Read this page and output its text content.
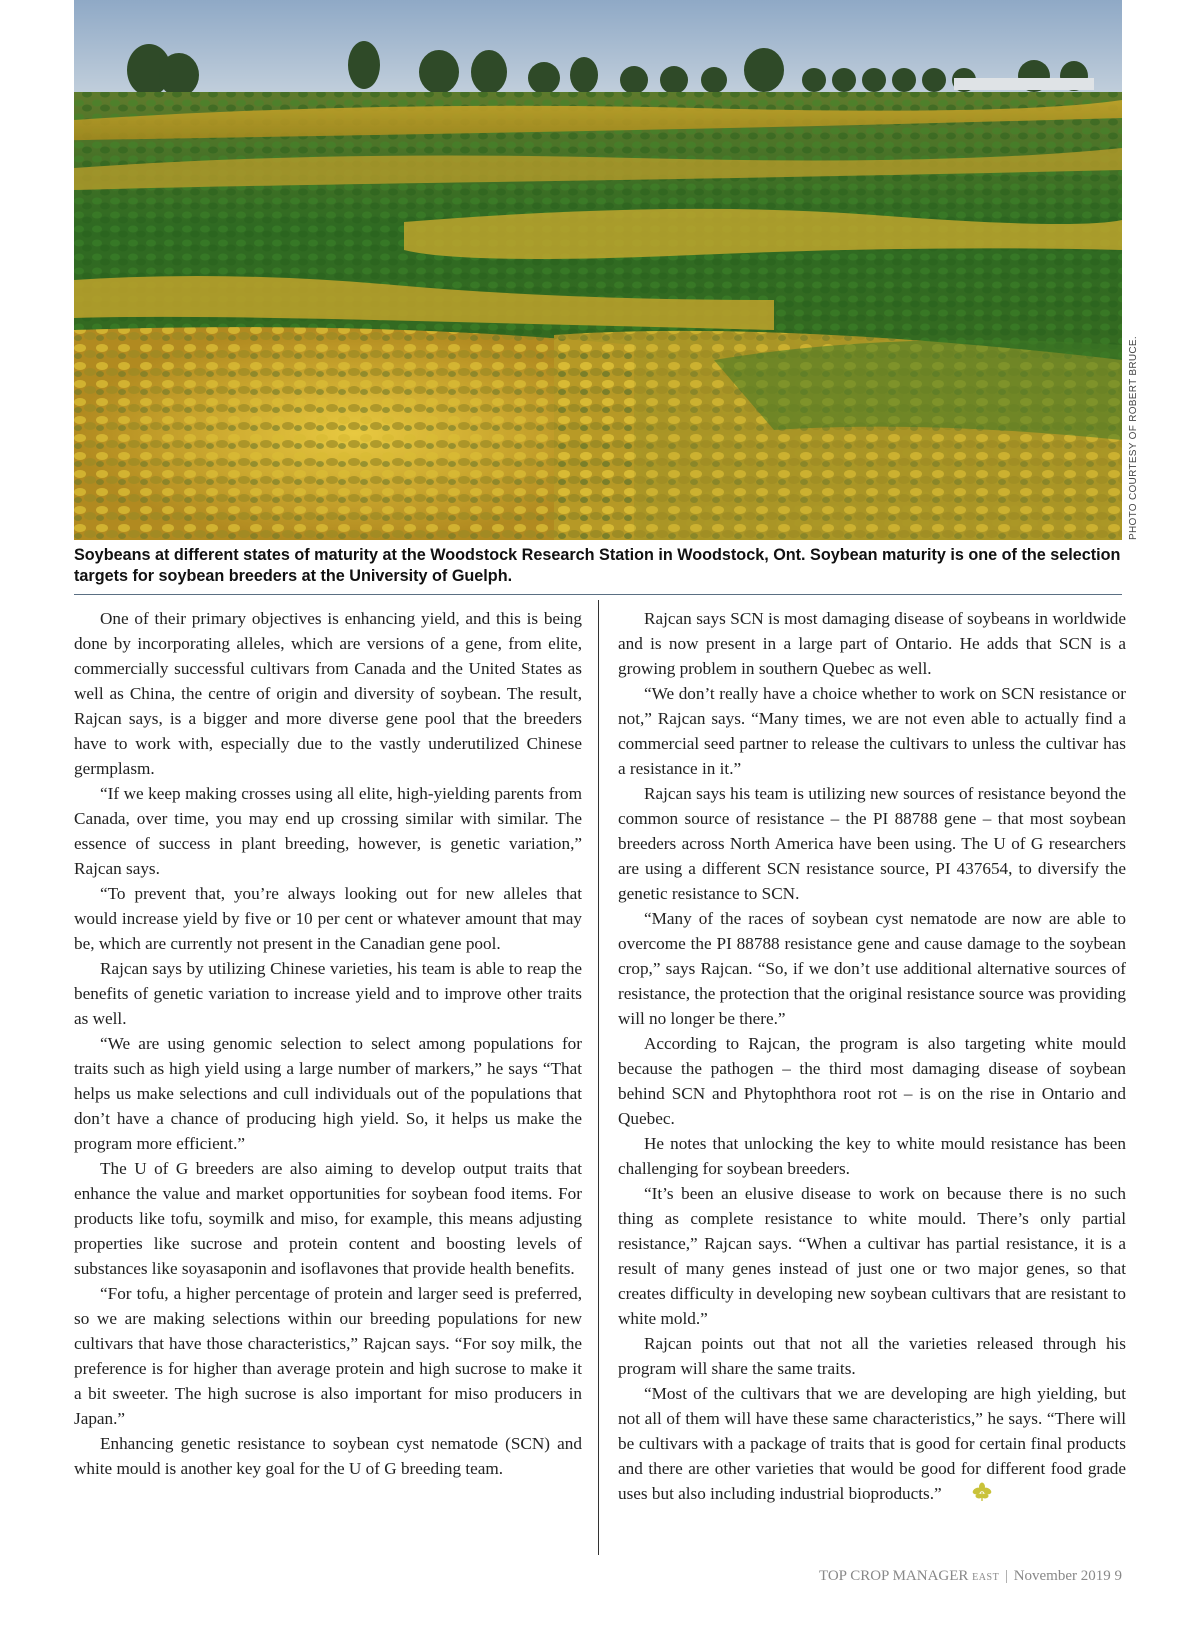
PHOTO COURTESY OF ROBERT BRUCE.

Soybeans at different states of maturity at the Woodstock Research Station in Woodstock, Ont. Soybean maturity is one of the selection targets for soybean breeders at the University of Guelph.

One of their primary objectives is enhancing yield, and this is being done by incorporating alleles, which are versions of a gene, from elite, commercially successful cultivars from Canada and the United States as well as China, the centre of origin and diversity of soybean. The result, Rajcan says, is a bigger and more diverse gene pool that the breeders have to work with, especially due to the vastly underutilized Chinese germplasm.

“If we keep making crosses using all elite, high-yielding parents from Canada, over time, you may end up crossing similar with similar. The essence of success in plant breeding, however, is genetic variation,” Rajcan says.

“To prevent that, you’re always looking out for new alleles that would increase yield by five or 10 per cent or whatever amount that may be, which are currently not present in the Canadian gene pool.

Rajcan says by utilizing Chinese varieties, his team is able to reap the benefits of genetic variation to increase yield and to improve other traits as well.

“We are using genomic selection to select among populations for traits such as high yield using a large number of markers,” he says “That helps us make selections and cull individuals out of the populations that don’t have a chance of producing high yield. So, it helps us make the program more efficient.”

The U of G breeders are also aiming to develop output traits that enhance the value and market opportunities for soybean food items. For products like tofu, soymilk and miso, for example, this means adjusting properties like sucrose and protein content and boosting levels of substances like soyasaponin and isoflavones that provide health benefits.

“For tofu, a higher percentage of protein and larger seed is preferred, so we are making selections within our breeding populations for new cultivars that have those characteristics,” Rajcan says. “For soy milk, the preference is for higher than average protein and high sucrose to make it a bit sweeter. The high sucrose is also important for miso producers in Japan.”

Enhancing genetic resistance to soybean cyst nematode (SCN) and white mould is another key goal for the U of G breeding team.

Rajcan says SCN is most damaging disease of soybeans in worldwide and is now present in a large part of Ontario. He adds that SCN is a growing problem in southern Quebec as well.

“We don’t really have a choice whether to work on SCN resistance or not,” Rajcan says. “Many times, we are not even able to actually find a commercial seed partner to release the cultivars to unless the cultivar has a resistance in it.”

Rajcan says his team is utilizing new sources of resistance beyond the common source of resistance – the PI 88788 gene – that most soybean breeders across North America have been using. The U of G researchers are using a different SCN resistance source, PI 437654, to diversify the genetic resistance to SCN.

“Many of the races of soybean cyst nematode are now are able to overcome the PI 88788 resistance gene and cause damage to the soybean crop,” says Rajcan. “So, if we don’t use additional alternative sources of resistance, the protection that the original resistance source was providing will no longer be there.”

According to Rajcan, the program is also targeting white mould because the pathogen – the third most damaging disease of soybean behind SCN and Phytophthora root rot – is on the rise in Ontario and Quebec.

He notes that unlocking the key to white mould resistance has been challenging for soybean breeders.

“It’s been an elusive disease to work on because there is no such thing as complete resistance to white mould. There’s only partial resistance,” Rajcan says. “When a cultivar has partial resistance, it is a result of many genes instead of just one or two major genes, so that creates difficulty in developing new soybean cultivars that are resistant to white mold.”

Rajcan points out that not all the varieties released through his program will share the same traits.

“Most of the cultivars that we are developing are high yielding, but not all of them will have these same characteristics,” he says. “There will be cultivars with a package of traits that is good for certain final products and there are other varieties that would be good for different food grade uses but also including industrial bioproducts.”

TOP CROP MANAGER EAST | November 2019 9
